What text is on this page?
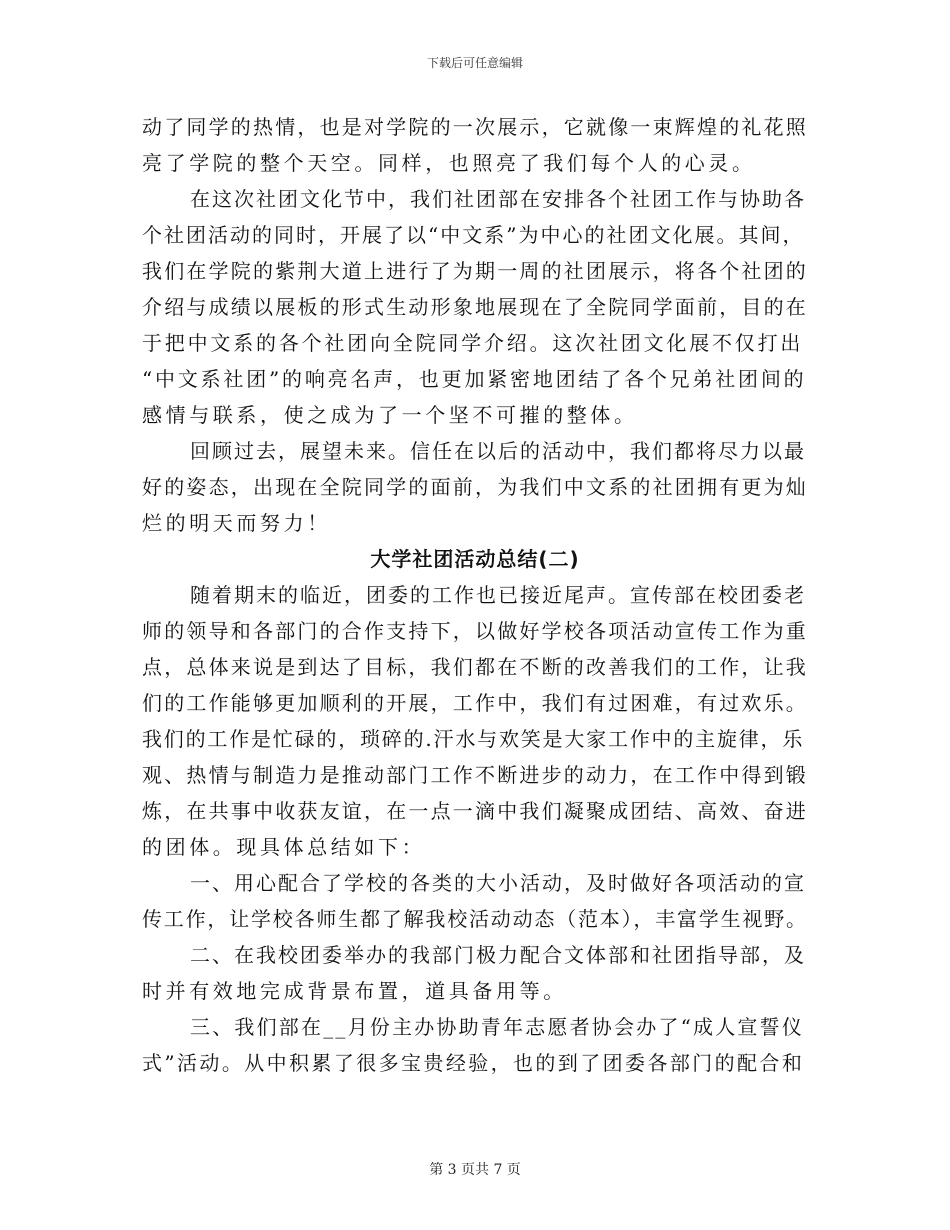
下载后可任意编辑
动了同学的热情，也是对学院的一次展示，它就像一束辉煌的礼花照
亮了学院的整个天空。同样，也照亮了我们每个人的心灵。
在这次社团文化节中，我们社团部在安排各个社团工作与协助各
个社团活动的同时，开展了以“中文系”为中心的社团文化展。其间，
我们在学院的紫荆大道上进行了为期一周的社团展示，将各个社团的
介绍与成绩以展板的形式生动形象地展现在了全院同学面前，目的在
于把中文系的各个社团向全院同学介绍。这次社团文化展不仅打出
“中文系社团”的响亮名声，也更加紧密地团结了各个兄弟社团间的
感情与联系，使之成为了一个坚不可摧的整体。
回顾过去，展望未来。信任在以后的活动中，我们都将尽力以最
好的姿态，出现在全院同学的面前，为我们中文系的社团拥有更为灿
烂的明天而努力！
大学社团活动总结(二)
随着期末的临近，团委的工作也已接近尾声。宣传部在校团委老
师的领导和各部门的合作支持下，以做好学校各项活动宣传工作为重
点，总体来说是到达了目标，我们都在不断的改善我们的工作，让我
们的工作能够更加顺利的开展，工作中，我们有过困难，有过欢乐。
我们的工作是忙碌的，琐碎的.汗水与欢笑是大家工作中的主旋律，乐
观、热情与制造力是推动部门工作不断进步的动力，在工作中得到锻
炼，在共事中收获友谊，在一点一滴中我们凝聚成团结、高效、奋进
的团体。现具体总结如下：
一、用心配合了学校的各类的大小活动，及时做好各项活动的宣
传工作，让学校各师生都了解我校活动动态（范本），丰富学生视野。
二、在我校团委举办的我部门极力配合文体部和社团指导部，及
时并有效地完成背景布置，道具备用等。
三、我们部在__月份主办协助青年志愿者协会办了“成人宣誓仪
式”活动。从中积累了很多宝贵经验，也的到了团委各部门的配合和
第 3 页共 7 页
